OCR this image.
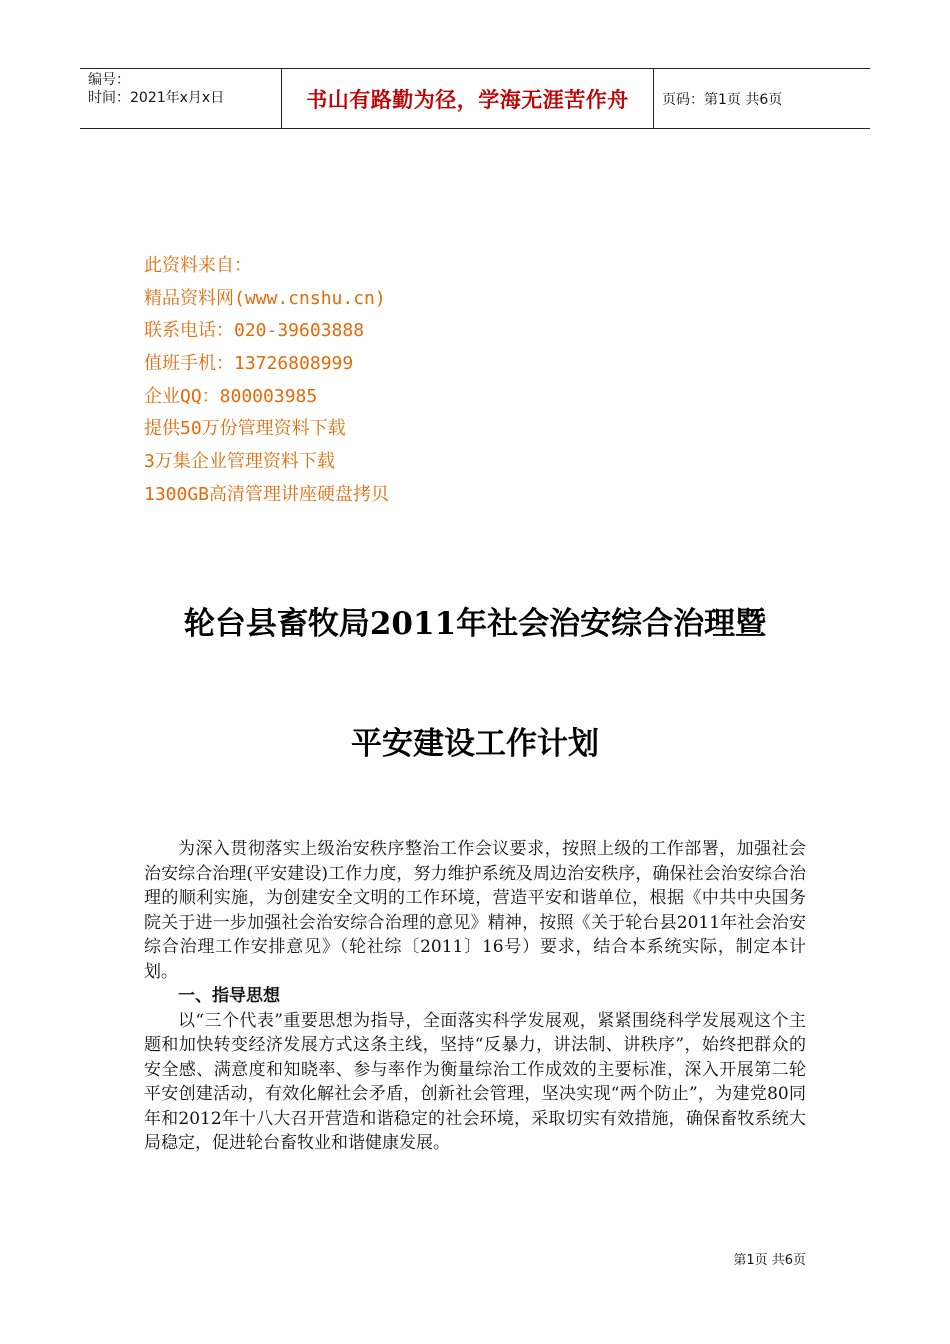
编号：
时间：2021年x月x日	书山有路勤为径，学海无涯苦作舟	页码：第1页 共6页
此资料来自：
精品资料网(www.cnshu.cn)
联系电话：020-39603888
值班手机：13726808999
企业QQ：800003985
提供50万份管理资料下载
3万集企业管理资料下载
1300GB高清管理讲座硬盘拷贝
轮台县畜牧局2011年社会治安综合治理暨
平安建设工作计划

为深入贯彻落实上级治安秩序整治工作会议要求，按照上级的工作部署，加强社会治安综合治理(平安建设)工作力度，努力维护系统及周边治安秩序，确保社会治安综合治理的顺利实施，为创建安全文明的工作环境，营造平安和谐单位，根据《中共中央国务院关于进一步加强社会治安综合治理的意见》精神，按照《关于轮台县2011年社会治安综合治理工作安排意见》（轮社综〔2011〕16号）要求，结合本系统实际，制定本计划。

一、指导思想

以“三个代表”重要思想为指导，全面落实科学发展观，紧紧围绕科学发展观这个主题和加快转变经济发展方式这条主线，坚持“反暴力，讲法制、讲秩序”，始终把群众的安全感、满意度和知晓率、参与率作为衡量综治工作成效的主要标准，深入开展第二轮平安创建活动，有效化解社会矛盾，创新社会管理，坚决实现“两个防止”，为建党80同年和2012年十八大召开营造和谐稳定的社会环境，采取切实有效措施，确保畜牧系统大局稳定，促进轮台畜牧业和谐健康发展。

第1页 共6页
